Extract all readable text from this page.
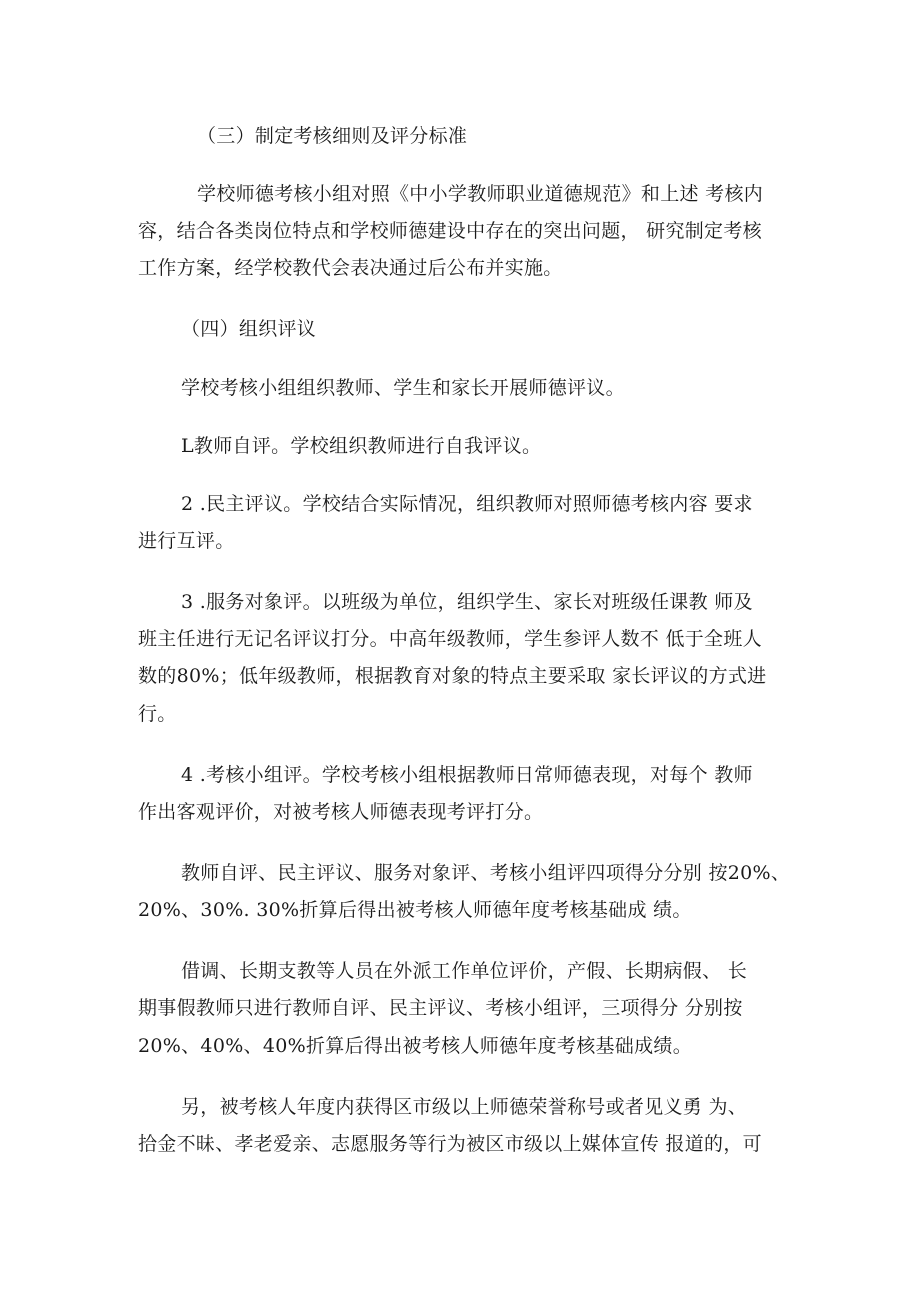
（三）制定考核细则及评分标准
学校师德考核小组对照《中小学教师职业道德规范》和上述 考核内
容，结合各类岗位特点和学校师德建设中存在的突出问题， 研究制定考核
工作方案，经学校教代会表决通过后公布并实施。
（四）组织评议
学校考核小组组织教师、学生和家长开展师德评议。
L教师自评。学校组织教师进行自我评议。
2 .民主评议。学校结合实际情况，组织教师对照师德考核内容 要求
进行互评。
3 .服务对象评。以班级为单位，组织学生、家长对班级任课教 师及
班主任进行无记名评议打分。中高年级教师，学生参评人数不 低于全班人
数的80%；低年级教师，根据教育对象的特点主要采取 家长评议的方式进
行。
4 .考核小组评。学校考核小组根据教师日常师德表现，对每个 教师
作出客观评价，对被考核人师德表现考评打分。
教师自评、民主评议、服务对象评、考核小组评四项得分分别 按20%、
20%、30%. 30%折算后得出被考核人师德年度考核基础成 绩。
借调、长期支教等人员在外派工作单位评价，产假、长期病假、 长
期事假教师只进行教师自评、民主评议、考核小组评，三项得分 分别按
20%、40%、40%折算后得出被考核人师德年度考核基础成绩。
另，被考核人年度内获得区市级以上师德荣誉称号或者见义勇 为、
拾金不昧、孝老爱亲、志愿服务等行为被区市级以上媒体宣传 报道的，可
